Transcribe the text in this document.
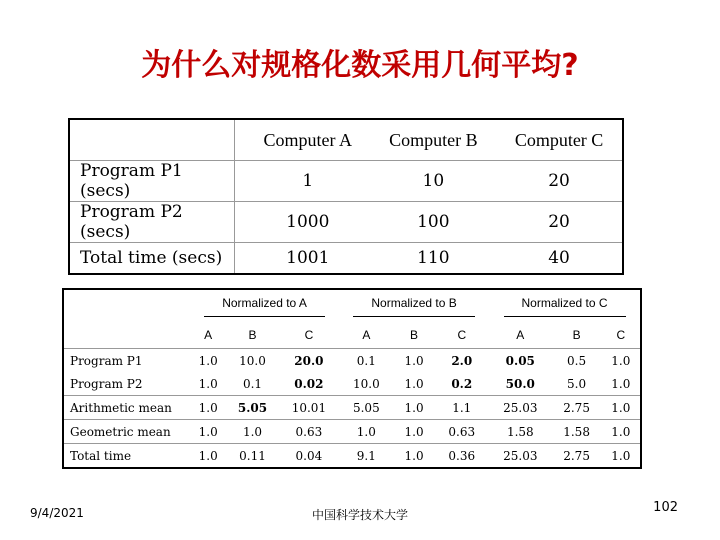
为什么对规格化数采用几何平均?
		Computer A	Computer B	Computer C
Program P1 (secs)		1	10	20
Program P2 (secs)		1000	100	20
Total time (secs)		1001	110	40
	Normalized to A			Normalized to B			Normalized to C		
	A	B	C	A	B	C	A	B	C
Program P1	1.0	10.0	20.0	0.1	1.0	2.0	0.05	0.5	1.0
Program P2	1.0	0.1	0.02	10.0	1.0	0.2	50.0	5.0	1.0
Arithmetic mean	1.0	5.05	10.01	5.05	1.0	1.1	25.03	2.75	1.0
Geometric mean	1.0	1.0	0.63	1.0	1.0	0.63	1.58	1.58	1.0
Total time	1.0	0.11	0.04	9.1	1.0	0.36	25.03	2.75	1.0
9/4/2021	中国科学技术大学	102
